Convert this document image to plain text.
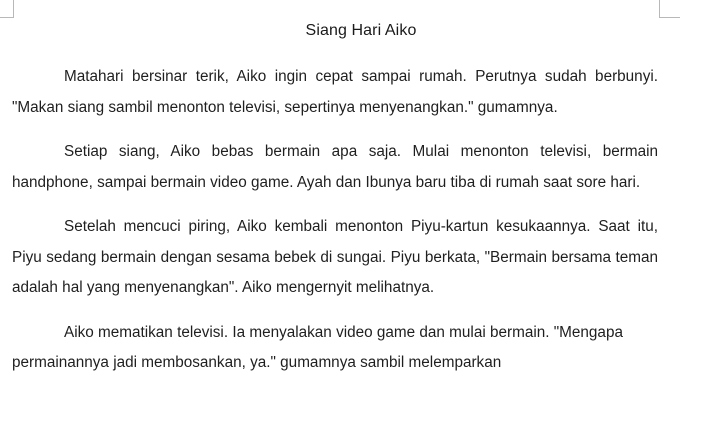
Siang Hari Aiko

Matahari bersinar terik, Aiko ingin cepat sampai rumah. Perutnya sudah berbunyi. "Makan siang sambil menonton televisi, sepertinya menyenangkan." gumamnya.

Setiap siang, Aiko bebas bermain apa saja. Mulai menonton televisi, bermain handphone, sampai bermain video game. Ayah dan Ibunya baru tiba di rumah saat sore hari.

Setelah mencuci piring, Aiko kembali menonton Piyu-kartun kesukaannya. Saat itu, Piyu sedang bermain dengan sesama bebek di sungai. Piyu berkata, "Bermain bersama teman adalah hal yang menyenangkan". Aiko mengernyit melihatnya.

Aiko mematikan televisi. Ia menyalakan video game dan mulai bermain. "Mengapa permainannya jadi membosankan, ya." gumamnya sambil melemparkan
